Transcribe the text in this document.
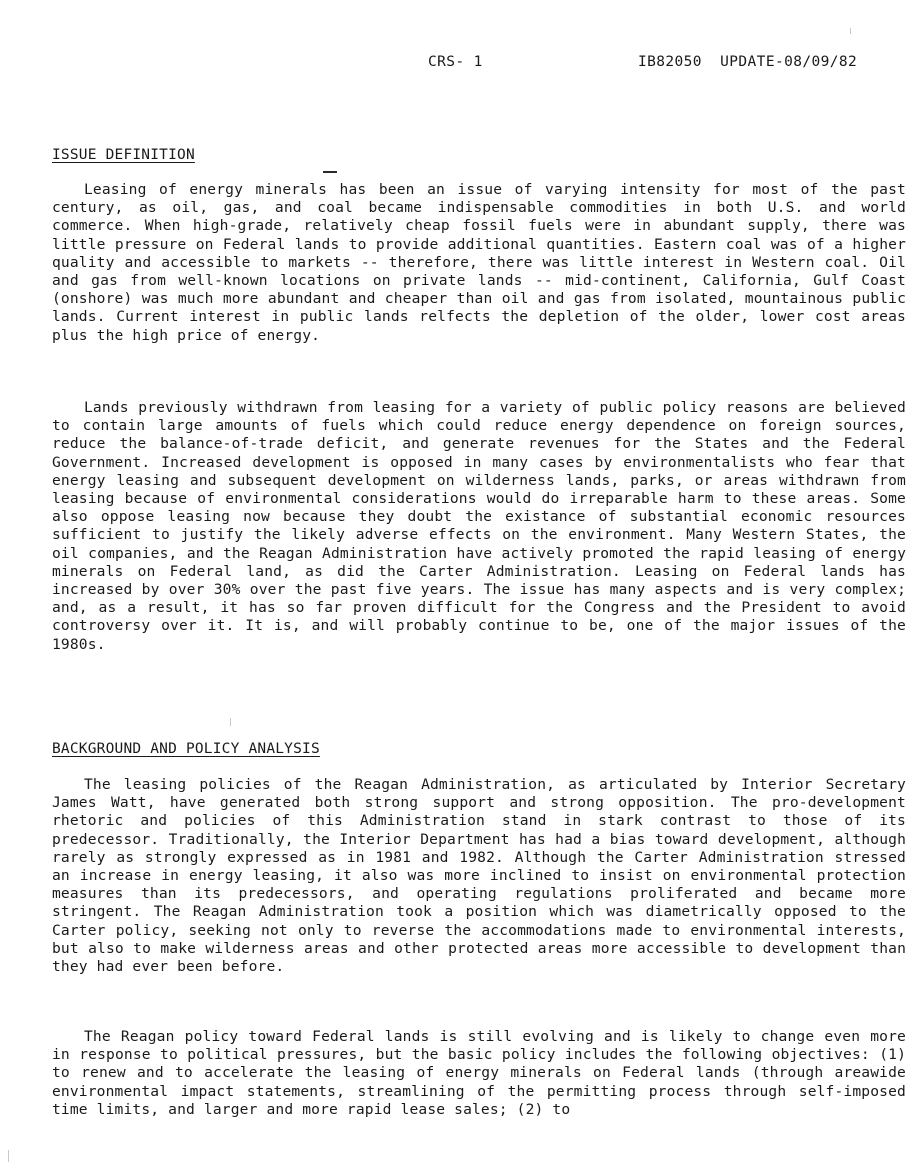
CRS- 1	IB82050  UPDATE-08/09/82
ISSUE DEFINITION

Leasing of energy minerals has been an issue of varying intensity for most of the past century, as oil, gas, and coal became indispensable commodities in both U.S. and world commerce. When high-grade, relatively cheap fossil fuels were in abundant supply, there was little pressure on Federal lands to provide additional quantities. Eastern coal was of a higher quality and accessible to markets -- therefore, there was little interest in Western coal. Oil and gas from well-known locations on private lands -- mid-continent, California, Gulf Coast (onshore) was much more abundant and cheaper than oil and gas from isolated, mountainous public lands. Current interest in public lands relfects the depletion of the older, lower cost areas plus the high price of energy.

Lands previously withdrawn from leasing for a variety of public policy reasons are believed to contain large amounts of fuels which could reduce energy dependence on foreign sources, reduce the balance-of-trade deficit, and generate revenues for the States and the Federal Government. Increased development is opposed in many cases by environmentalists who fear that energy leasing and subsequent development on wilderness lands, parks, or areas withdrawn from leasing because of environmental considerations would do irreparable harm to these areas. Some also oppose leasing now because they doubt the existance of substantial economic resources sufficient to justify the likely adverse effects on the environment. Many Western States, the oil companies, and the Reagan Administration have actively promoted the rapid leasing of energy minerals on Federal land, as did the Carter Administration. Leasing on Federal lands has increased by over 30% over the past five years. The issue has many aspects and is very complex; and, as a result, it has so far proven difficult for the Congress and the President to avoid controversy over it. It is, and will probably continue to be, one of the major issues of the 1980s.

BACKGROUND AND POLICY ANALYSIS

The leasing policies of the Reagan Administration, as articulated by Interior Secretary James Watt, have generated both strong support and strong opposition. The pro-development rhetoric and policies of this Administration stand in stark contrast to those of its predecessor. Traditionally, the Interior Department has had a bias toward development, although rarely as strongly expressed as in 1981 and 1982. Although the Carter Administration stressed an increase in energy leasing, it also was more inclined to insist on environmental protection measures than its predecessors, and operating regulations proliferated and became more stringent. The Reagan Administration took a position which was diametrically opposed to the Carter policy, seeking not only to reverse the accommodations made to environmental interests, but also to make wilderness areas and other protected areas more accessible to development than they had ever been before.

The Reagan policy toward Federal lands is still evolving and is likely to change even more in response to political pressures, but the basic policy includes the following objectives: (1) to renew and to accelerate the leasing of energy minerals on Federal lands (through areawide environmental impact statements, streamlining of the permitting process through self-imposed time limits, and larger and more rapid lease sales; (2) to
